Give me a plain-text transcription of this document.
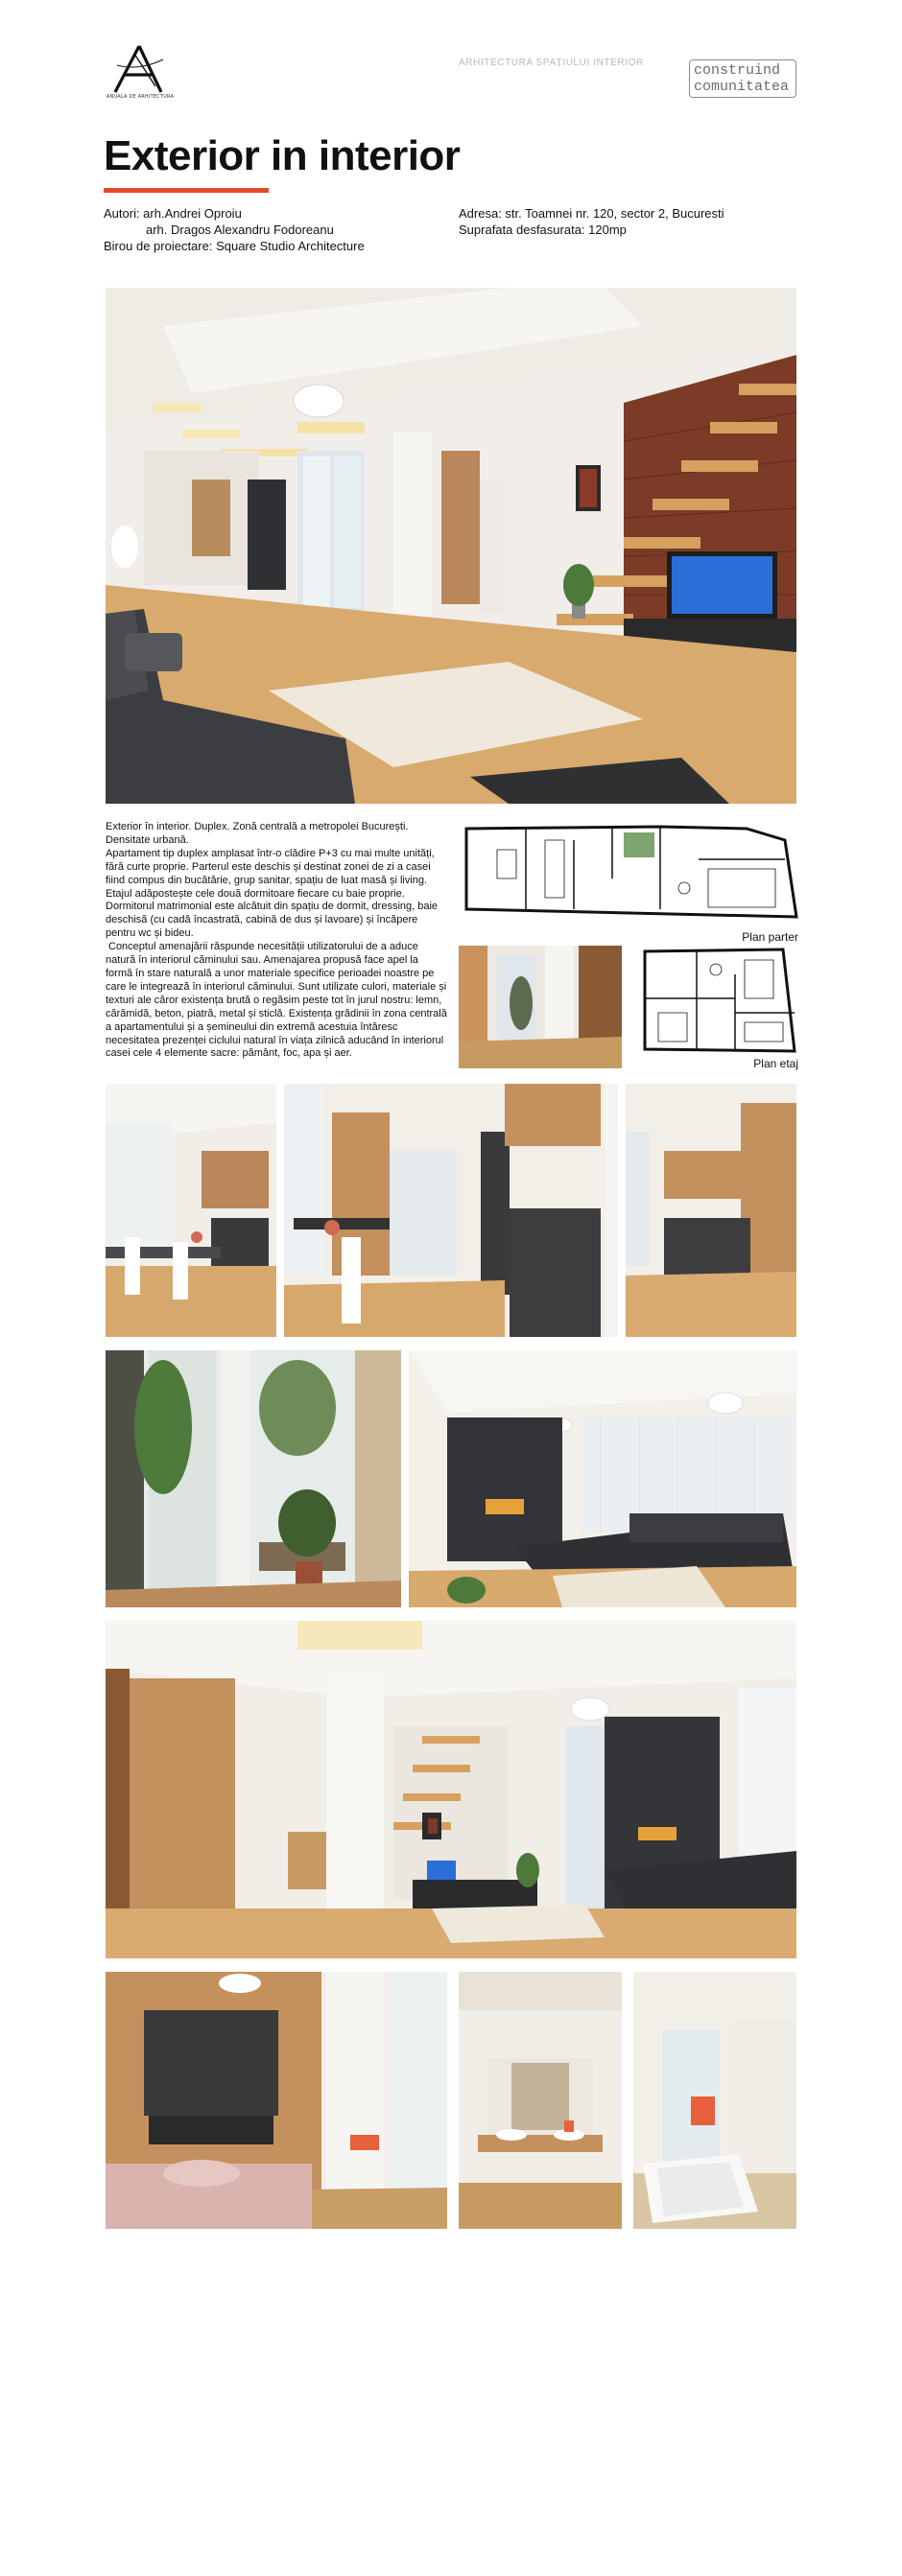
ANUALA DE ARHITECTURA
ARHITECTURA SPAȚIULUI INTERIOR	construind
comunitatea
Exterior in interior
Autori: arh.Andrei Oproiu
arh. Dragos Alexandru Fodoreanu
Birou de proiectare: Square Studio Architecture
Adresa: str. Toamnei nr. 120, sector 2, Bucuresti
Suprafata desfasurata: 120mp

Exterior în interior. Duplex. Zonă centrală a metropolei București. Densitate urbană.

Apartament tip duplex amplasat într-o clădire P+3 cu mai multe unități, fără curte proprie. Parterul este deschis și destinat zonei de zi a casei fiind compus din bucătărie, grup sanitar, spațiu de luat masă și living. Etajul adăpostește cele două dormitoare fiecare cu baie proprie. Dormitorul matrimonial este alcătuit din spațiu de dormit, dressing, baie deschisă (cu cadă încastrată, cabină de dus și lavoare) și încăpere pentru wc și bideu.

Conceptul amenajării răspunde necesității utilizatorului de a aduce natură în interiorul căminului sau. Amenajarea propusă face apel la formă în stare naturală a unor materiale specifice perioadei noastre pe care le integrează în interiorul căminului. Sunt utilizate culori, materiale și texturi ale căror existența brută o regăsim peste tot în jurul nostru: lemn, cărămidă, beton, piatră, metal și sticlă. Existența grădinii în zona centrală a apartamentului și a șemineului din extremă acestuia întăresc necesitatea prezenței ciclului natural în viața zilnică aducând în interiorul casei cele 4 elemente sacre: pământ, foc, apa și aer.

Plan parter
Plan etaj
